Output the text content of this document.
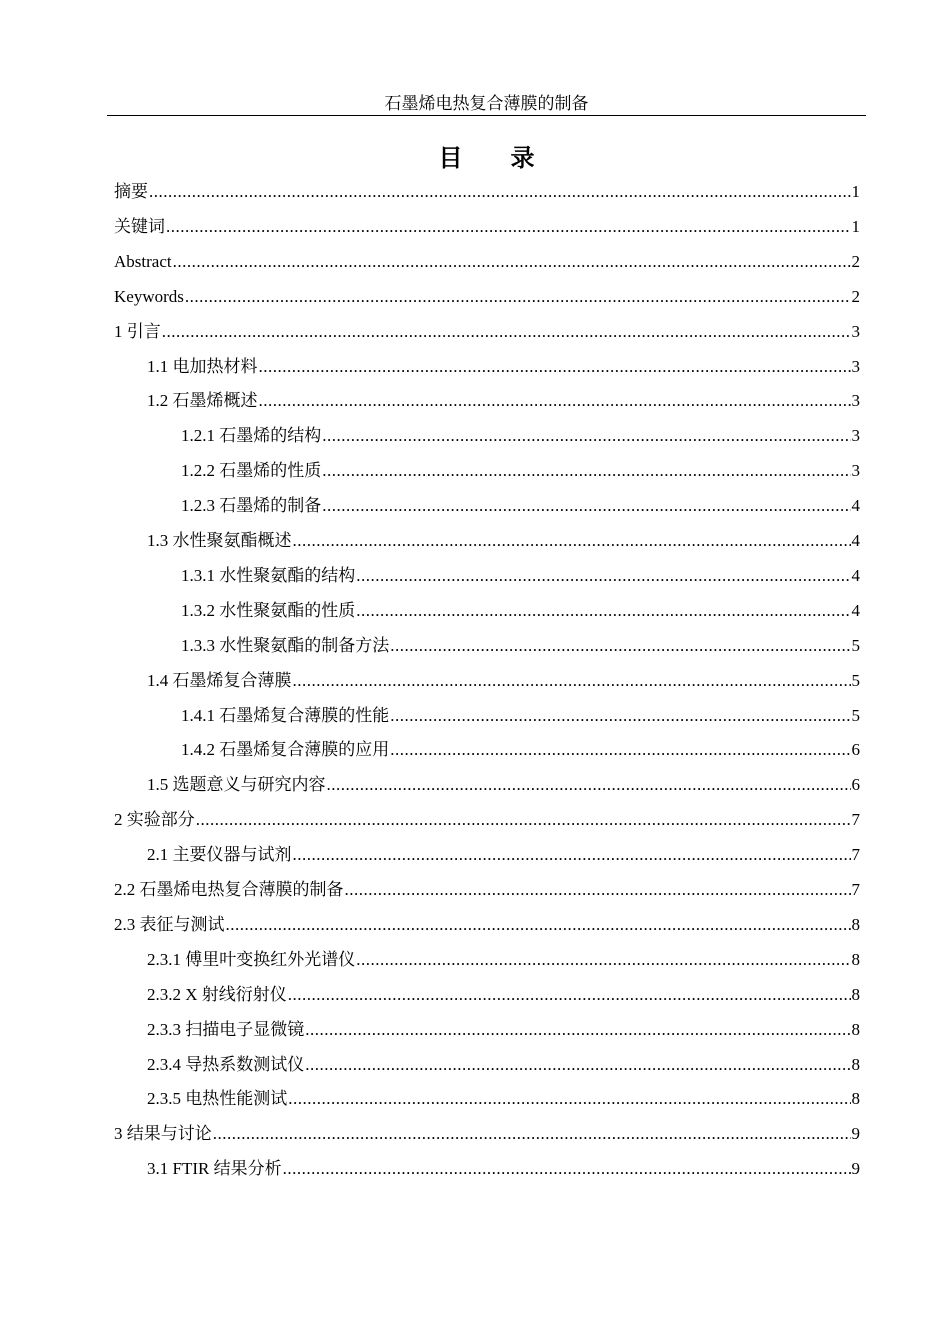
石墨烯电热复合薄膜的制备
目 录
摘要 .....	1
关键词 .....	1
Abstract .....	2
Keywords .....	2
1 引言 .....	3
1.1 电加热材料 .....	3
1.2 石墨烯概述 .....	3
1.2.1 石墨烯的结构 .....	3
1.2.2 石墨烯的性质 .....	3
1.2.3 石墨烯的制备 .....	4
1.3 水性聚氨酯概述 .....	4
1.3.1 水性聚氨酯的结构 .....	4
1.3.2 水性聚氨酯的性质 .....	4
1.3.3 水性聚氨酯的制备方法 .....	5
1.4 石墨烯复合薄膜 .....	5
1.4.1 石墨烯复合薄膜的性能 .....	5
1.4.2 石墨烯复合薄膜的应用 .....	6
1.5 选题意义与研究内容 .....	6
2 实验部分 .....	7
2.1 主要仪器与试剂 .....	7
2.2 石墨烯电热复合薄膜的制备 .....	7
2.3 表征与测试 .....	8
2.3.1 傅里叶变换红外光谱仪 .....	8
2.3.2 X 射线衍射仪 .....	8
2.3.3 扫描电子显微镜 .....	8
2.3.4 导热系数测试仪 .....	8
2.3.5 电热性能测试 .....	8
3 结果与讨论 .....	9
3.1 FTIR 结果分析 .....	9
